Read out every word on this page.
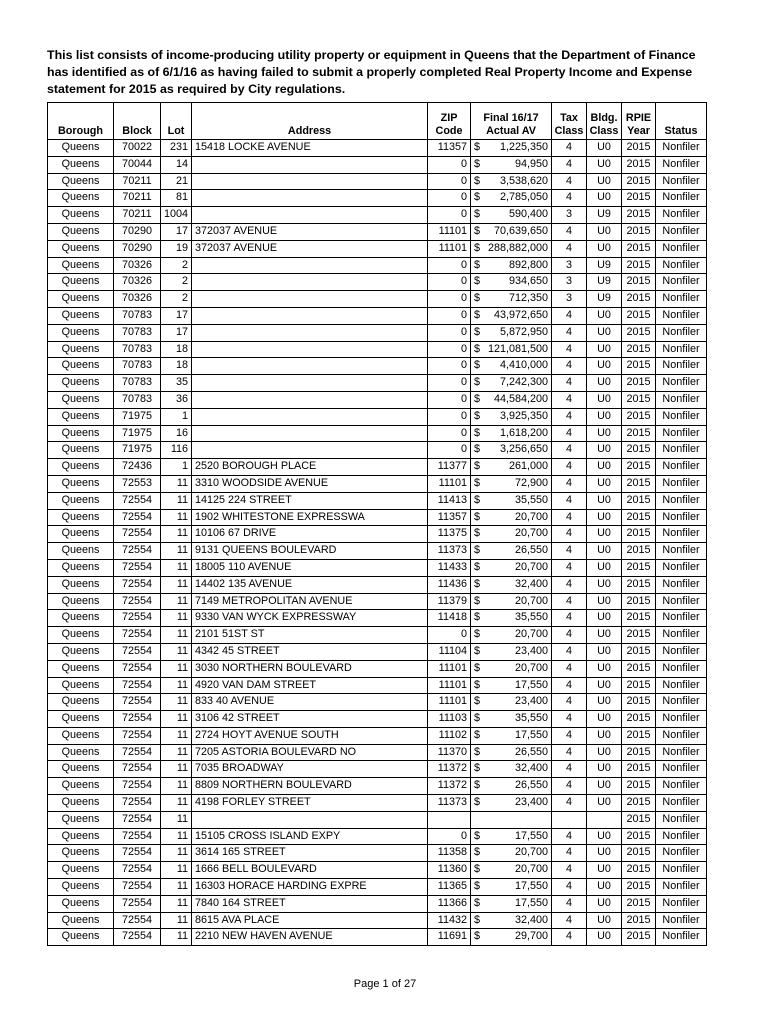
This list consists of income-producing utility property or equipment in Queens that the Department of Finance has identified as of 6/1/16 as having failed to submit a properly completed Real Property Income and Expense statement for 2015 as required by City regulations.

Borough	Block	Lot	Address	ZIP Code	Final 16/17 Actual AV	Tax Class	Bldg. Class	RPIE Year	Status
Queens	70022	231	15418 LOCKE AVENUE	11357	$ 1,225,350	4	U0	2015	Nonfiler
Queens	70044	14		0	$ 94,950	4	U0	2015	Nonfiler
Queens	70211	21		0	$ 3,538,620	4	U0	2015	Nonfiler
Queens	70211	81		0	$ 2,785,050	4	U0	2015	Nonfiler
Queens	70211	1004		0	$ 590,400	3	U9	2015	Nonfiler
Queens	70290	17	372037 AVENUE	11101	$ 70,639,650	4	U0	2015	Nonfiler
Queens	70290	19	372037 AVENUE	11101	$ 288,882,000	4	U0	2015	Nonfiler
Queens	70326	2		0	$ 892,800	3	U9	2015	Nonfiler
Queens	70326	2		0	$ 934,650	3	U9	2015	Nonfiler
Queens	70326	2		0	$ 712,350	3	U9	2015	Nonfiler
Queens	70783	17		0	$ 43,972,650	4	U0	2015	Nonfiler
Queens	70783	17		0	$ 5,872,950	4	U0	2015	Nonfiler
Queens	70783	18		0	$ 121,081,500	4	U0	2015	Nonfiler
Queens	70783	18		0	$ 4,410,000	4	U0	2015	Nonfiler
Queens	70783	35		0	$ 7,242,300	4	U0	2015	Nonfiler
Queens	70783	36		0	$ 44,584,200	4	U0	2015	Nonfiler
Queens	71975	1		0	$ 3,925,350	4	U0	2015	Nonfiler
Queens	71975	16		0	$ 1,618,200	4	U0	2015	Nonfiler
Queens	71975	116		0	$ 3,256,650	4	U0	2015	Nonfiler
Queens	72436	1	2520 BOROUGH PLACE	11377	$ 261,000	4	U0	2015	Nonfiler
Queens	72553	11	3310 WOODSIDE AVENUE	11101	$ 72,900	4	U0	2015	Nonfiler
Queens	72554	11	14125 224 STREET	11413	$ 35,550	4	U0	2015	Nonfiler
Queens	72554	11	1902 WHITESTONE EXPRESSWA	11357	$ 20,700	4	U0	2015	Nonfiler
Queens	72554	11	10106 67 DRIVE	11375	$ 20,700	4	U0	2015	Nonfiler
Queens	72554	11	9131 QUEENS BOULEVARD	11373	$ 26,550	4	U0	2015	Nonfiler
Queens	72554	11	18005 110 AVENUE	11433	$ 20,700	4	U0	2015	Nonfiler
Queens	72554	11	14402 135 AVENUE	11436	$ 32,400	4	U0	2015	Nonfiler
Queens	72554	11	7149 METROPOLITAN AVENUE	11379	$ 20,700	4	U0	2015	Nonfiler
Queens	72554	11	9330 VAN WYCK EXPRESSWAY	11418	$ 35,550	4	U0	2015	Nonfiler
Queens	72554	11	2101 51ST ST	0	$ 20,700	4	U0	2015	Nonfiler
Queens	72554	11	4342 45 STREET	11104	$ 23,400	4	U0	2015	Nonfiler
Queens	72554	11	3030 NORTHERN BOULEVARD	11101	$ 20,700	4	U0	2015	Nonfiler
Queens	72554	11	4920 VAN DAM STREET	11101	$ 17,550	4	U0	2015	Nonfiler
Queens	72554	11	833 40 AVENUE	11101	$ 23,400	4	U0	2015	Nonfiler
Queens	72554	11	3106 42 STREET	11103	$ 35,550	4	U0	2015	Nonfiler
Queens	72554	11	2724 HOYT AVENUE SOUTH	11102	$ 17,550	4	U0	2015	Nonfiler
Queens	72554	11	7205 ASTORIA BOULEVARD NO	11370	$ 26,550	4	U0	2015	Nonfiler
Queens	72554	11	7035 BROADWAY	11372	$ 32,400	4	U0	2015	Nonfiler
Queens	72554	11	8809 NORTHERN BOULEVARD	11372	$ 26,550	4	U0	2015	Nonfiler
Queens	72554	11	4198 FORLEY STREET	11373	$ 23,400	4	U0	2015	Nonfiler
Queens	72554	11						2015	Nonfiler
Queens	72554	11	15105 CROSS ISLAND EXPY	0	$ 17,550	4	U0	2015	Nonfiler
Queens	72554	11	3614 165 STREET	11358	$ 20,700	4	U0	2015	Nonfiler
Queens	72554	11	1666 BELL BOULEVARD	11360	$ 20,700	4	U0	2015	Nonfiler
Queens	72554	11	16303 HORACE HARDING EXPRE	11365	$ 17,550	4	U0	2015	Nonfiler
Queens	72554	11	7840 164 STREET	11366	$ 17,550	4	U0	2015	Nonfiler
Queens	72554	11	8615 AVA PLACE	11432	$ 32,400	4	U0	2015	Nonfiler
Queens	72554	11	2210 NEW HAVEN AVENUE	11691	$ 29,700	4	U0	2015	Nonfiler
Page 1 of 27
